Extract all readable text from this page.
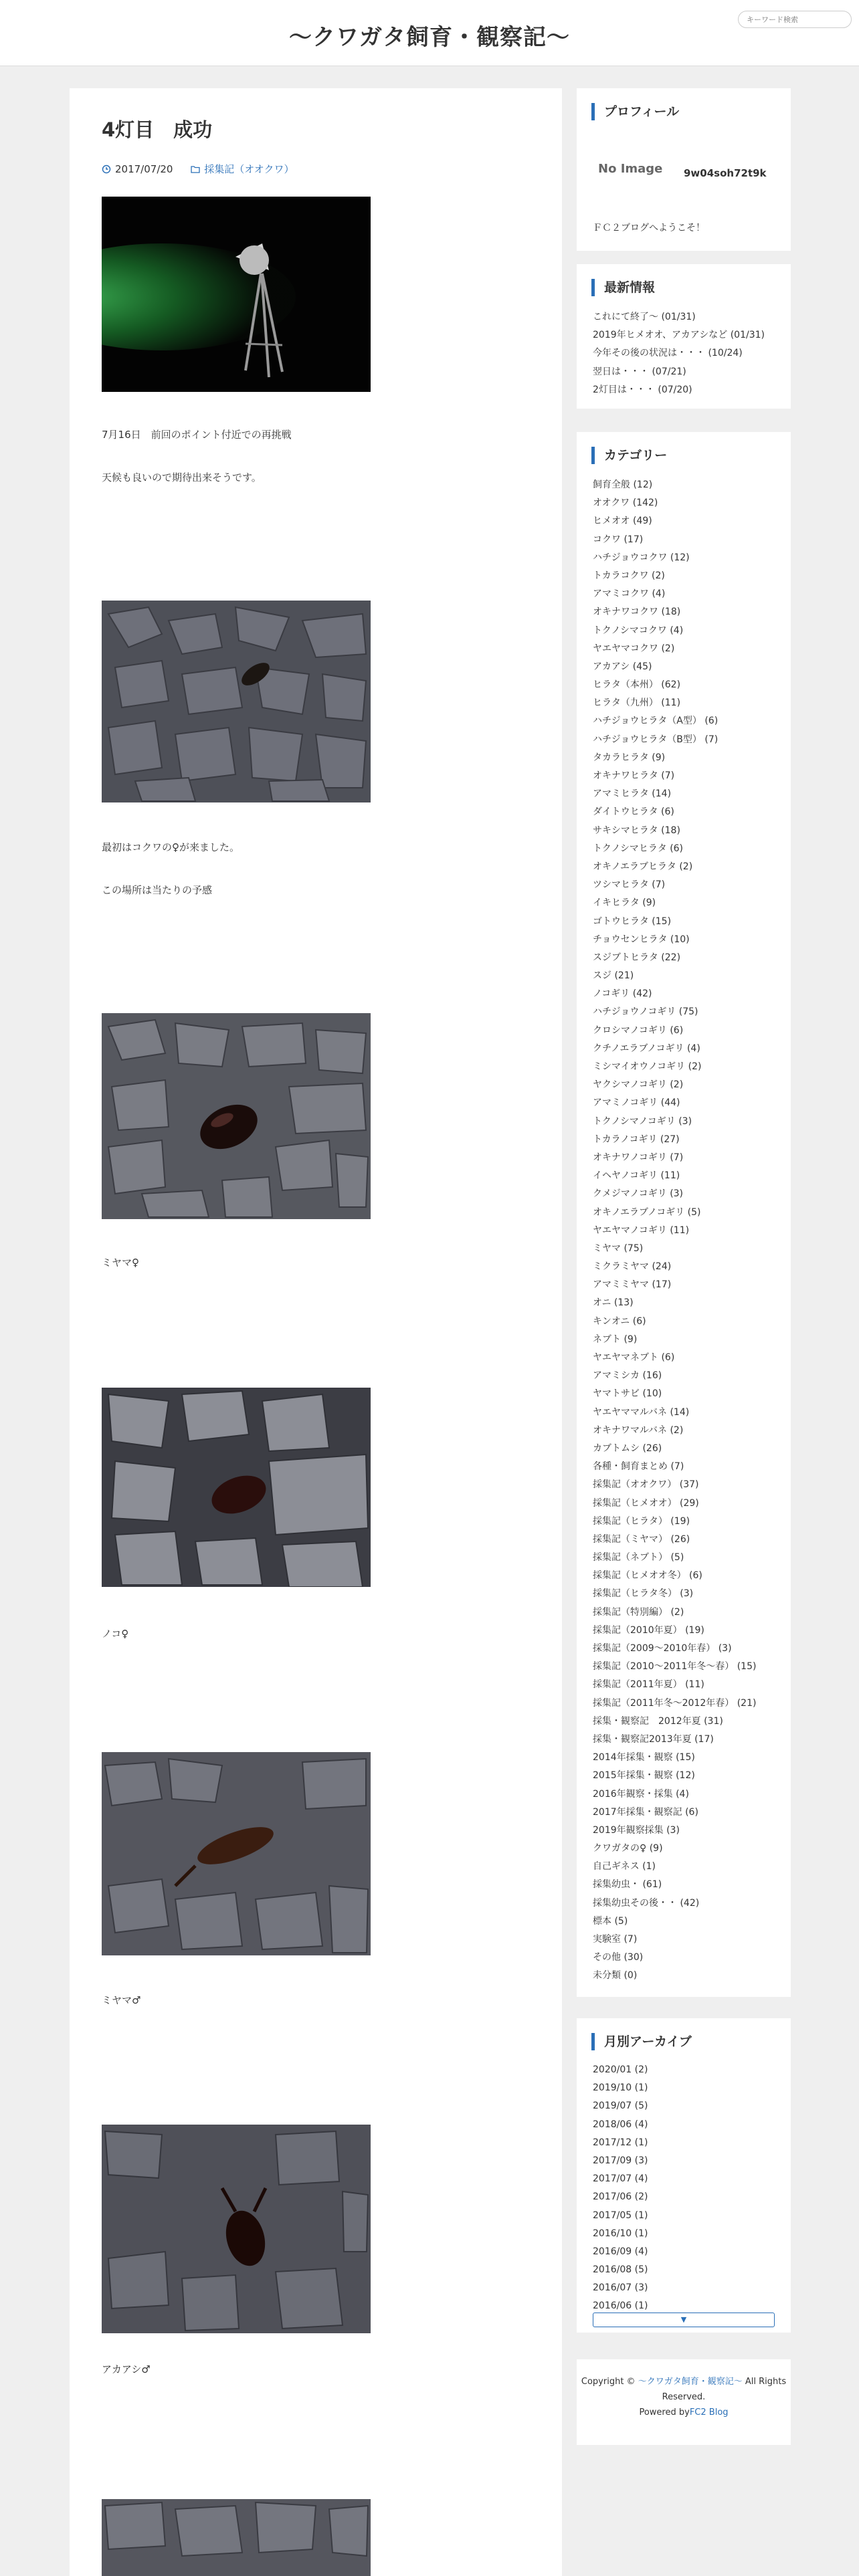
〜クワガタ飼育・観察記〜
キーワード検索
4灯目　成功
2017/07/20	採集記（オオクワ）
7月16日　前回のポイント付近での再挑戦
天候も良いので期待出来そうです。
最初はコクワの♀が来ました。
この場所は当たりの予感
ミヤマ♀
ノコ♀
ミヤマ♂
アカアシ♂
プロフィール
No Image 9w04soh72t9k
ＦＣ２ブログへようこそ！
最新情報
これにて終了〜 (01/31)
2019年ヒメオオ、アカアシなど (01/31)
今年その後の状況は・・・ (10/24)
翌日は・・・ (07/21)
2灯目は・・・ (07/20)
カテゴリー
飼育全般 (12)
オオクワ (142)
ヒメオオ (49)
コクワ (17)
ハチジョウコクワ (12)
トカラコクワ (2)
アマミコクワ (4)
オキナワコクワ (18)
トクノシマコクワ (4)
ヤエヤマコクワ (2)
アカアシ (45)
ヒラタ（本州） (62)
ヒラタ（九州） (11)
ハチジョウヒラタ（A型） (6)
ハチジョウヒラタ（B型） (7)
タカラヒラタ (9)
オキナワヒラタ (7)
アマミヒラタ (14)
ダイトウヒラタ (6)
サキシマヒラタ (18)
トクノシマヒラタ (6)
オキノエラブヒラタ (2)
ツシマヒラタ (7)
イキヒラタ (9)
ゴトウヒラタ (15)
チョウセンヒラタ (10)
スジブトヒラタ (22)
スジ (21)
ノコギリ (42)
ハチジョウノコギリ (75)
クロシマノコギリ (6)
クチノエラブノコギリ (4)
ミシマイオウノコギリ (2)
ヤクシマノコギリ (2)
アマミノコギリ (44)
トクノシマノコギリ (3)
トカラノコギリ (27)
オキナワノコギリ (7)
イヘヤノコギリ (11)
クメジマノコギリ (3)
オキノエラブノコギリ (5)
ヤエヤマノコギリ (11)
ミヤマ (75)
ミクラミヤマ (24)
アマミミヤマ (17)
オニ (13)
キンオニ (6)
ネブト (9)
ヤエヤマネブト (6)
アマミシカ (16)
ヤマトサビ (10)
ヤエヤママルバネ (14)
オキナワマルバネ (2)
カブトムシ (26)
各種・飼育まとめ (7)
採集記（オオクワ） (37)
採集記（ヒメオオ） (29)
採集記（ヒラタ） (19)
採集記（ミヤマ） (26)
採集記（ネブト） (5)
採集記（ヒメオオ冬） (6)
採集記（ヒラタ冬） (3)
採集記（特別編） (2)
採集記（2010年夏） (19)
採集記（2009〜2010年春） (3)
採集記（2010〜2011年冬〜春） (15)
採集記（2011年夏） (11)
採集記（2011年冬〜2012年春） (21)
採集・観察記　2012年夏 (31)
採集・観察記2013年夏 (17)
2014年採集・観察 (15)
2015年採集・観察 (12)
2016年観察・採集 (4)
2017年採集・観察記 (6)
2019年観察採集 (3)
クワガタの♀ (9)
自己ギネス (1)
採集幼虫・ (61)
採集幼虫その後・・ (42)
標本 (5)
実験室 (7)
その他 (30)
未分類 (0)
月別アーカイブ
2020/01 (2)
2019/10 (1)
2019/07 (5)
2018/06 (4)
2017/12 (1)
2017/09 (3)
2017/07 (4)
2017/06 (2)
2017/05 (1)
2016/10 (1)
2016/09 (4)
2016/08 (5)
2016/07 (3)
2016/06 (1)
▼
Copyright © 〜クワガタ飼育・観察記〜 All Rights Reserved.
Powered byFC2 Blog
